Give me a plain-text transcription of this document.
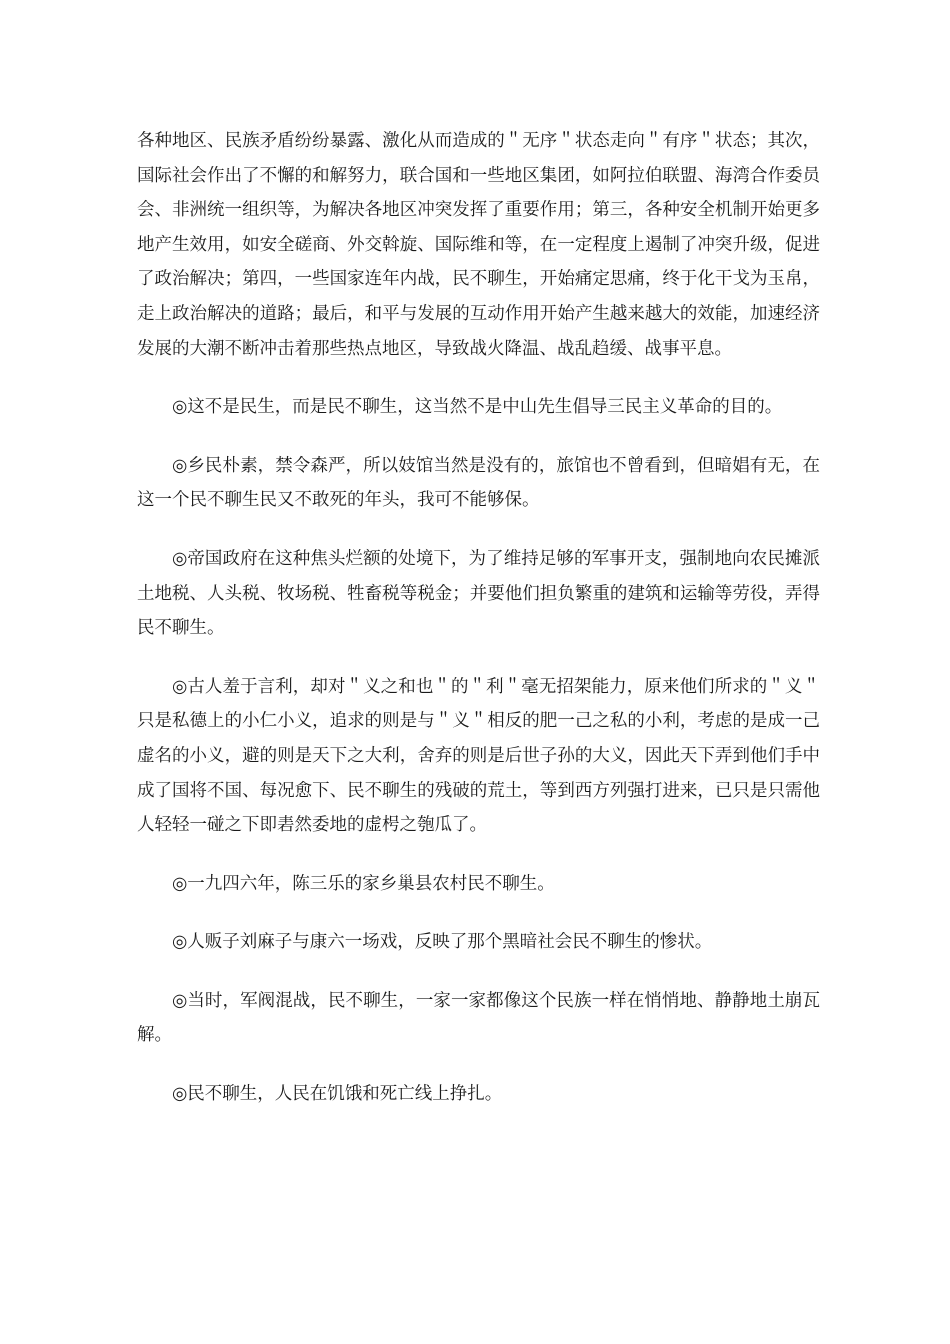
各种地区、民族矛盾纷纷暴露、激化从而造成的＂无序＂状态走向＂有序＂状态；其次，国际社会作出了不懈的和解努力，联合国和一些地区集团，如阿拉伯联盟、海湾合作委员会、非洲统一组织等，为解决各地区冲突发挥了重要作用；第三，各种安全机制开始更多地产生效用，如安全磋商、外交斡旋、国际维和等，在一定程度上遏制了冲突升级，促进了政治解决；第四，一些国家连年内战，民不聊生，开始痛定思痛，终于化干戈为玉帛，走上政治解决的道路；最后，和平与发展的互动作用开始产生越来越大的效能，加速经济发展的大潮不断冲击着那些热点地区，导致战火降温、战乱趋缓、战事平息。

◎这不是民生，而是民不聊生，这当然不是中山先生倡导三民主义革命的目的。

◎乡民朴素，禁令森严，所以妓馆当然是没有的，旅馆也不曾看到，但暗娼有无，在这一个民不聊生民又不敢死的年头，我可不能够保。

◎帝国政府在这种焦头烂额的处境下，为了维持足够的军事开支，强制地向农民摊派土地税、人头税、牧场税、牲畜税等税金；并要他们担负繁重的建筑和运输等劳役，弄得民不聊生。

◎古人羞于言利，却对＂义之和也＂的＂利＂毫无招架能力，原来他们所求的＂义＂只是私德上的小仁小义，追求的则是与＂义＂相反的肥一己之私的小利，考虑的是成一己虚名的小义，避的则是天下之大利，舍弃的则是后世子孙的大义，因此天下弄到他们手中成了国将不国、每况愈下、民不聊生的残破的荒土，等到西方列强打进来，已只是只需他人轻轻一碰之下即砉然委地的虚枵之匏瓜了。

◎一九四六年，陈三乐的家乡巢县农村民不聊生。

◎人贩子刘麻子与康六一场戏，反映了那个黑暗社会民不聊生的惨状。

◎当时，军阀混战，民不聊生，一家一家都像这个民族一样在悄悄地、静静地土崩瓦解。

◎民不聊生，人民在饥饿和死亡线上挣扎。
